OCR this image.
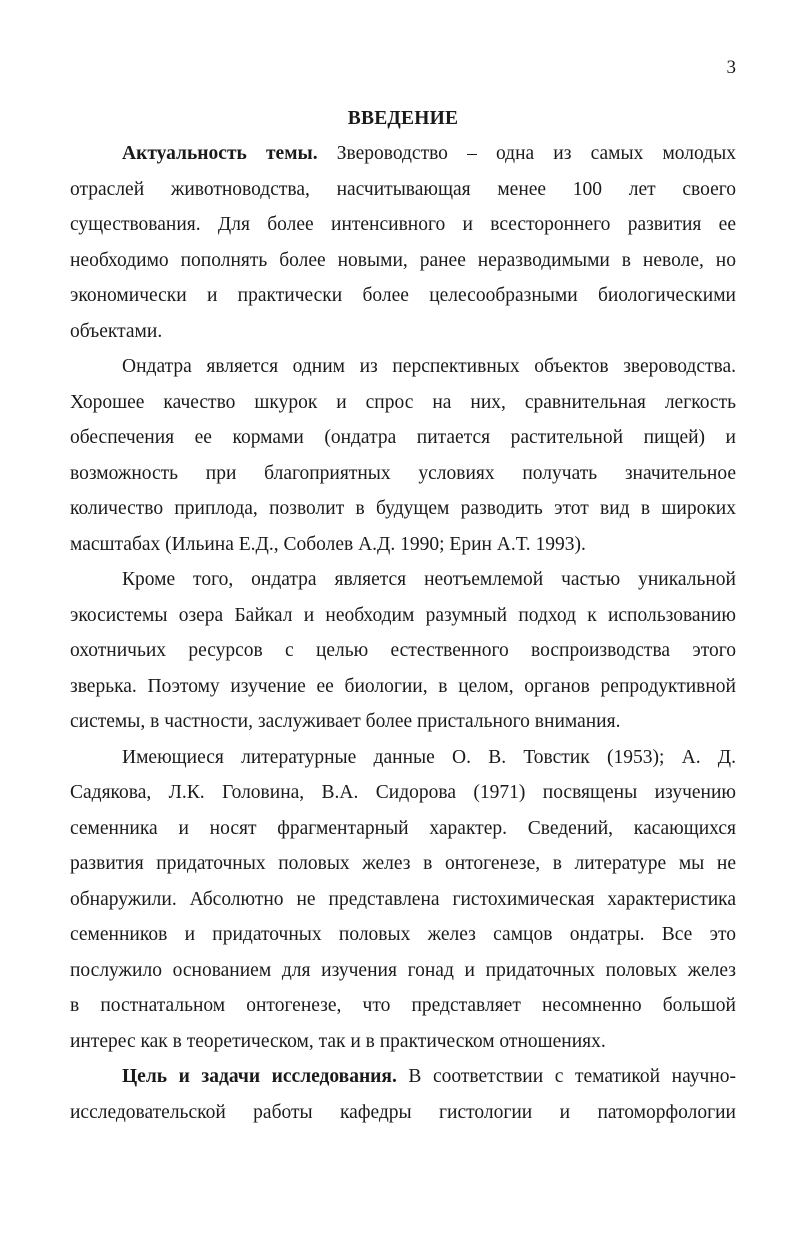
3
ВВЕДЕНИЕ
Актуальность темы. Звероводство – одна из самых молодых
отраслей животноводства, насчитывающая менее 100 лет своего
существования. Для более интенсивного и всестороннего развития ее
необходимо пополнять более новыми, ранее неразводимыми в неволе, но
экономически и практически более целесообразными биологическими
объектами.
Ондатра является одним из перспективных объектов звероводства.
Хорошее качество шкурок и спрос на них, сравнительная легкость
обеспечения ее кормами (ондатра питается растительной пищей) и
возможность при благоприятных условиях получать значительное
количество приплода, позволит в будущем разводить этот вид в широких
масштабах (Ильина Е.Д., Соболев А.Д. 1990; Ерин А.Т. 1993).
Кроме того, ондатра является неотъемлемой частью уникальной
экосистемы озера Байкал и необходим разумный подход к использованию
охотничьих ресурсов с целью естественного воспроизводства этого
зверька. Поэтому изучение ее биологии, в целом, органов репродуктивной
системы, в частности, заслуживает более пристального внимания.
Имеющиеся литературные данные О. В. Товстик (1953); А. Д.
Садякова, Л.К. Головина, В.А. Сидорова (1971) посвящены изучению
семенника и носят фрагментарный характер. Сведений, касающихся
развития придаточных половых желез в онтогенезе, в литературе мы не
обнаружили. Абсолютно не представлена гистохимическая характеристика
семенников и придаточных половых желез самцов ондатры. Все это
послужило основанием для изучения гонад и придаточных половых желез
в постнатальном онтогенезе, что представляет несомненно большой
интерес как в теоретическом, так и в практическом отношениях.
Цель и задачи исследования. В соответствии с тематикой научно-
исследовательской работы кафедры гистологии и патоморфологии
